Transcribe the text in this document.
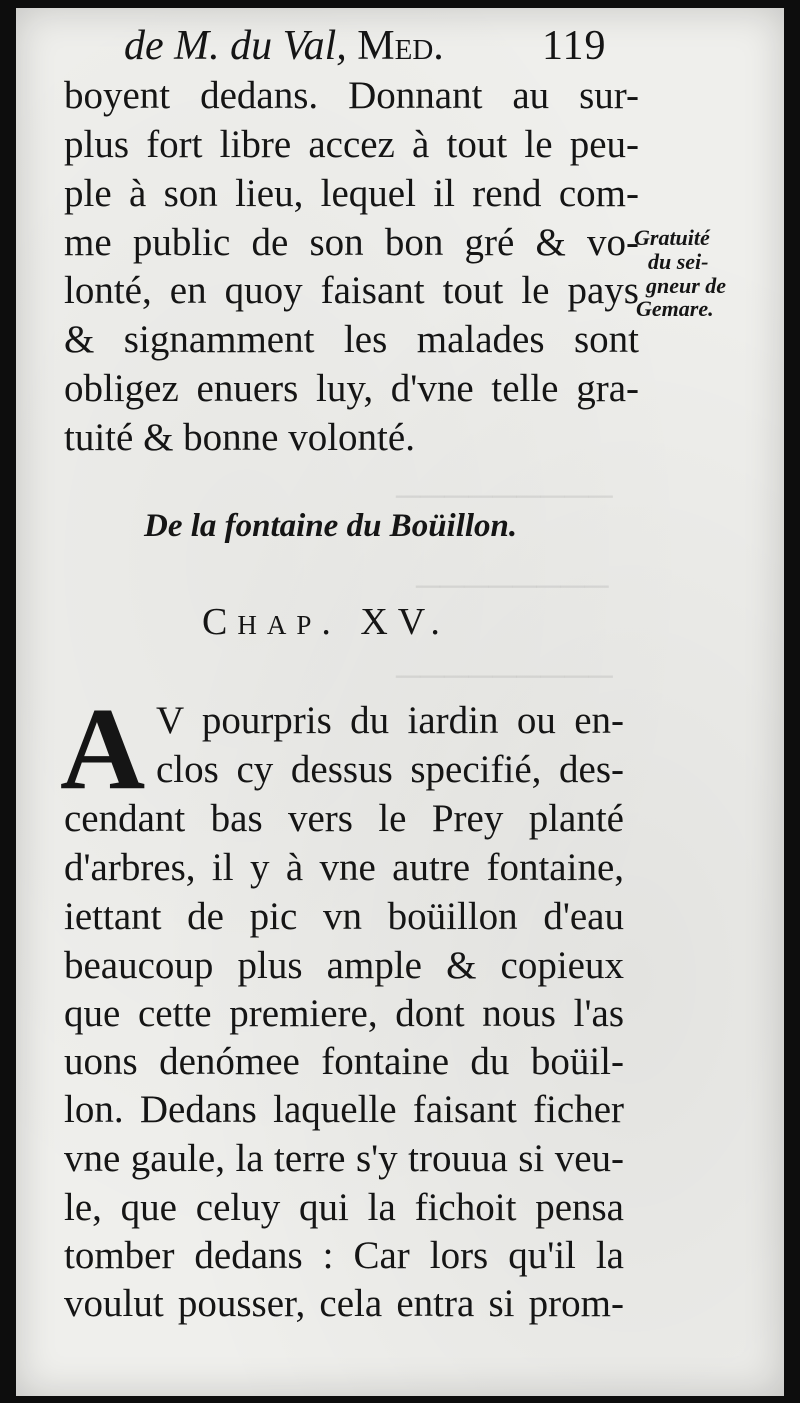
─────────
────────
─────────
de M. du Val, Med. 119
boyent dedans. Donnant au sur-
plus fort libre accez à tout le peu-
ple à son lieu, lequel il rend com-
me public de son bon gré & vo-
lonté, en quoy faisant tout le pays
& signamment les malades sont
obligez enuers luy, d'vne telle gra-
tuité & bonne volonté.
Gratuité
du sei-
gneur de
Gemare.
De la fontaine du Boüillon.
Chap. XV.
A V pourpris du iardin ou en-
clos cy dessus specifié, des-
cendant bas vers le Prey planté
d'arbres, il y à vne autre fontaine,
iettant de pic vn boüillon d'eau
beaucoup plus ample & copieux
que cette premiere, dont nous l'as
uons denómee fontaine du boüil-
lon. Dedans laquelle faisant ficher
vne gaule, la terre s'y trouua si veu-
le, que celuy qui la fichoit pensa
tomber dedans : Car lors qu'il la
voulut pousser, cela entra si prom-
